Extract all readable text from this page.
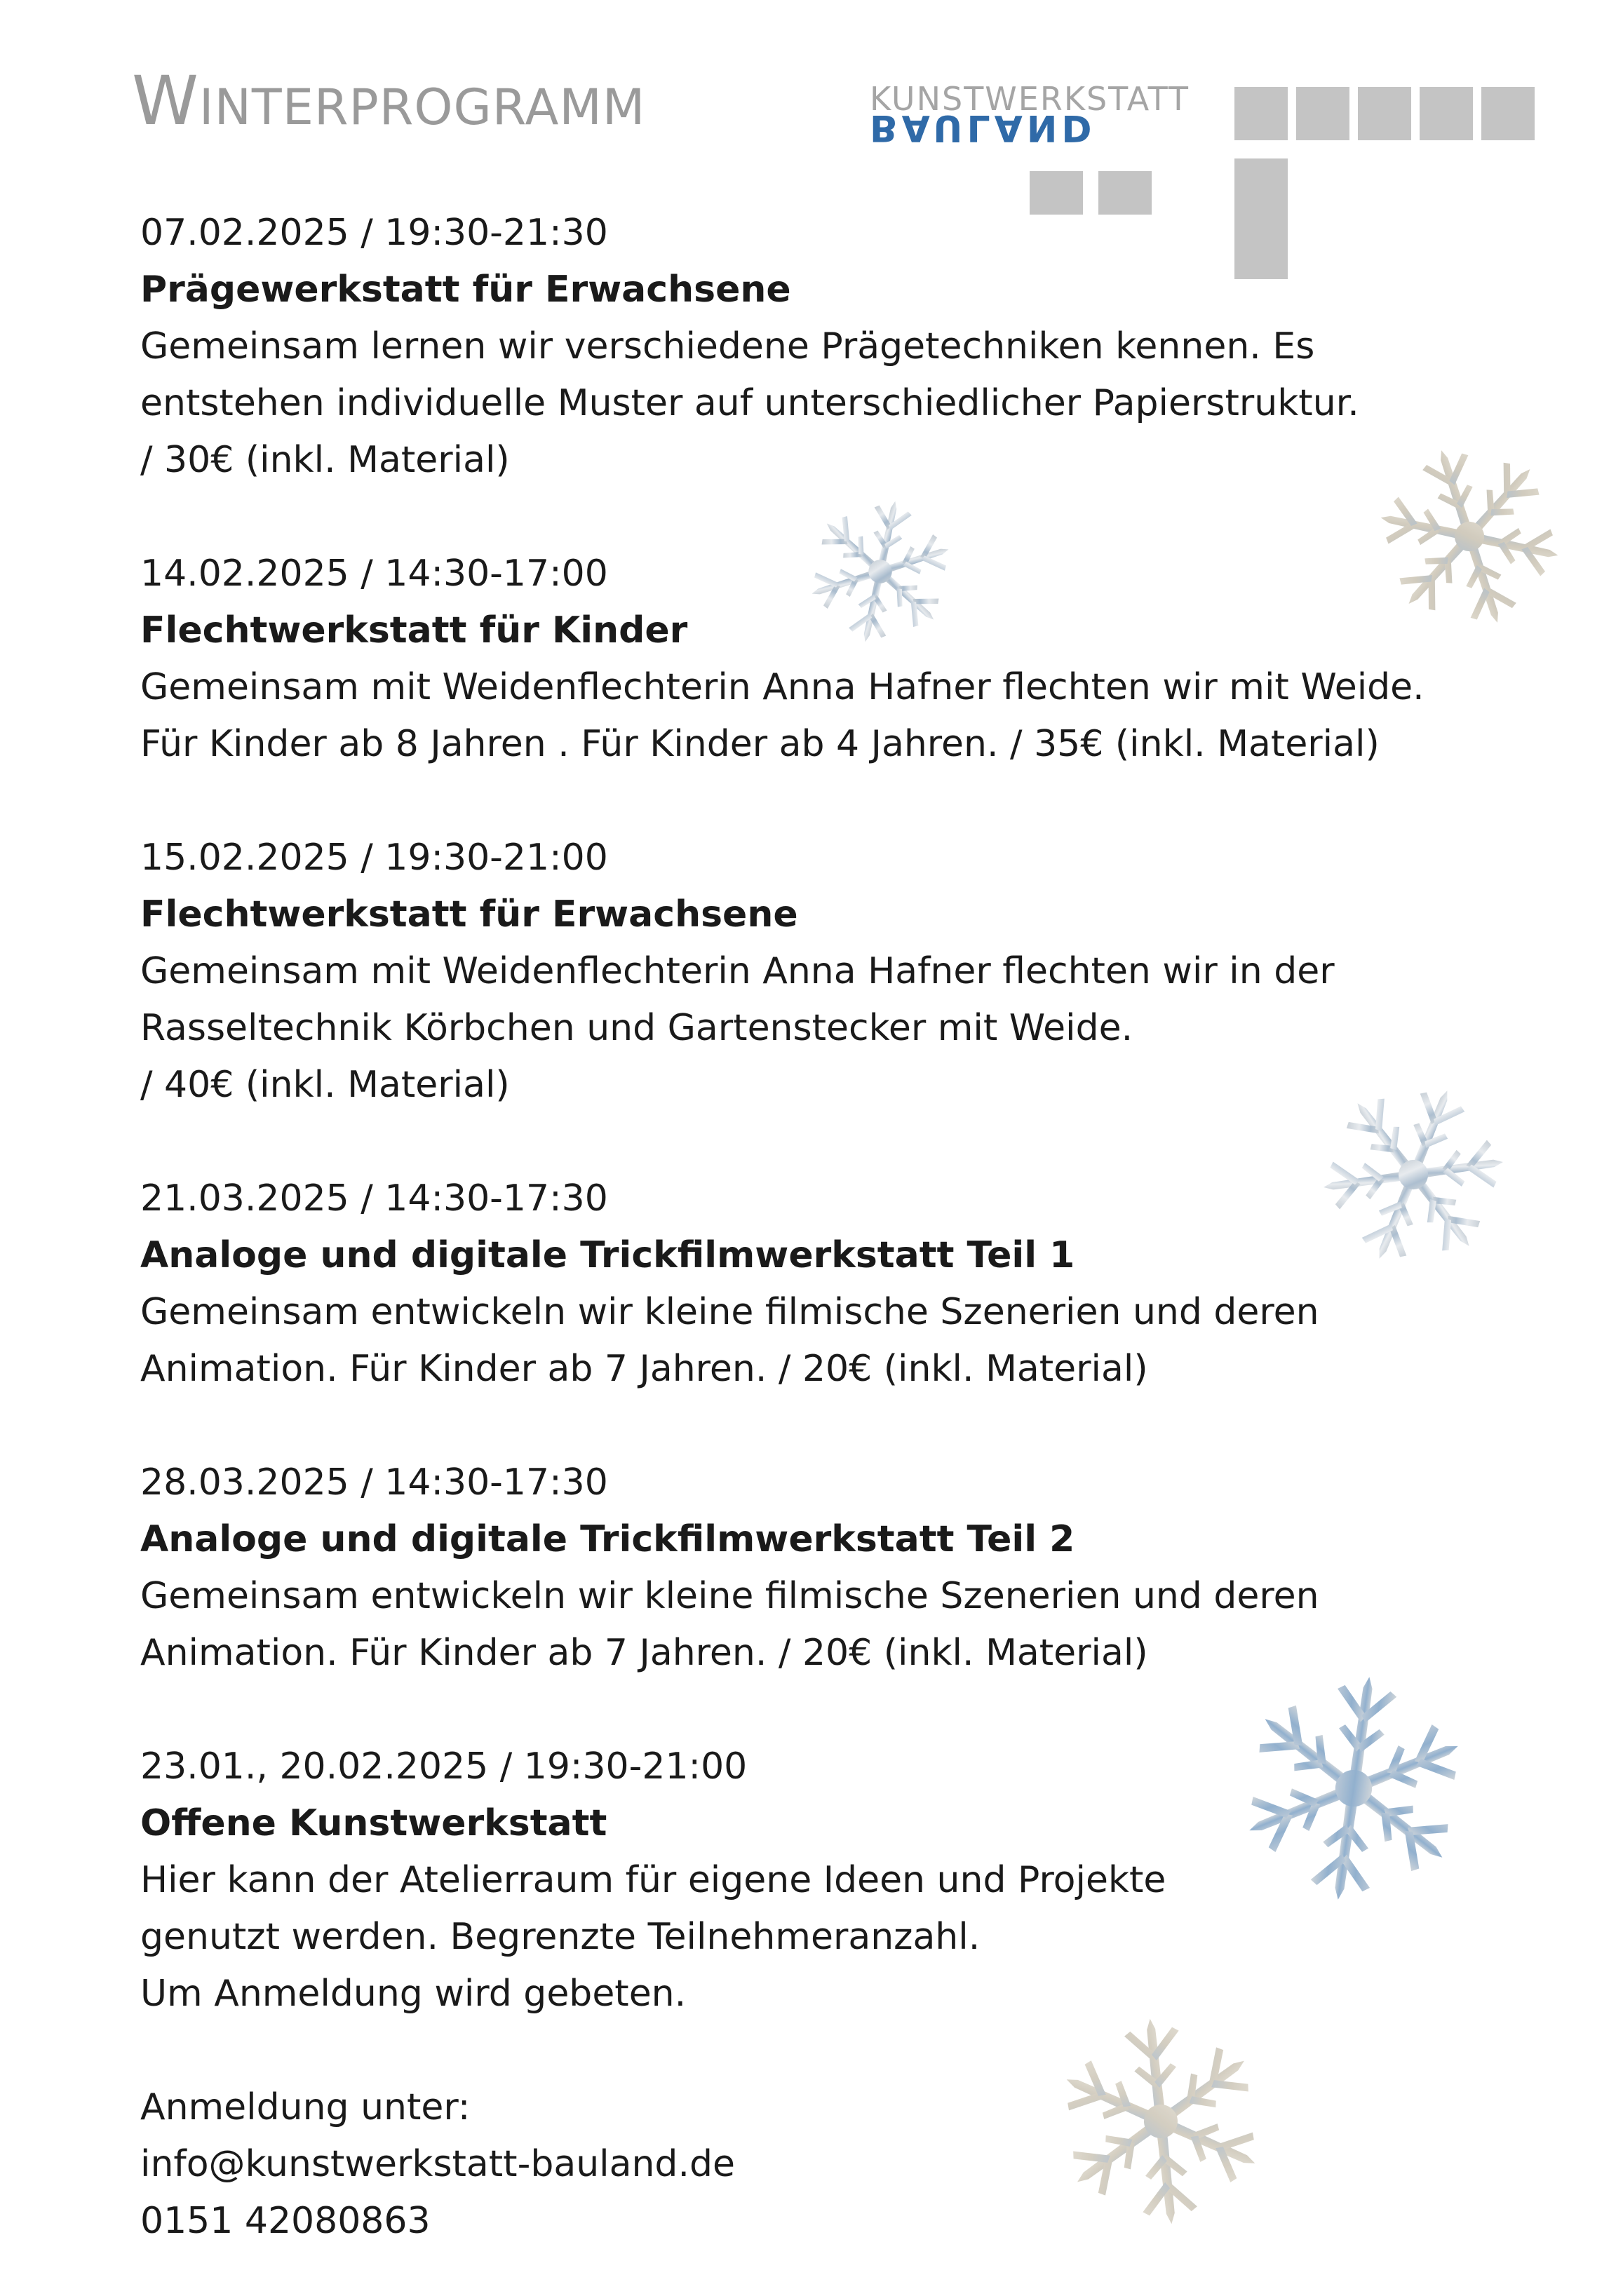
WINTERPROGRAMM	KUNSTWERKSTATT
BAULAND

07.02.2025 / 19:30-21:30

Prägewerkstatt für Erwachsene

Gemeinsam lernen wir verschiedene Prägetechniken kennen. Es

entstehen individuelle Muster auf unterschiedlicher Papierstruktur.

/ 30€ (inkl. Material)

14.02.2025 / 14:30-17:00

Flechtwerkstatt für Kinder

Gemeinsam mit Weidenflechterin Anna Hafner flechten wir mit Weide.

Für Kinder ab 8 Jahren . Für Kinder ab 4 Jahren. / 35€ (inkl. Material)

15.02.2025 / 19:30-21:00

Flechtwerkstatt für Erwachsene

Gemeinsam mit Weidenflechterin Anna Hafner flechten wir in der

Rasseltechnik Körbchen und Gartenstecker mit Weide.

/ 40€ (inkl. Material)

21.03.2025 / 14:30-17:30

Analoge und digitale Trickfilmwerkstatt Teil 1

Gemeinsam entwickeln wir kleine filmische Szenerien und deren

Animation. Für Kinder ab 7 Jahren. / 20€ (inkl. Material)

28.03.2025 / 14:30-17:30

Analoge und digitale Trickfilmwerkstatt Teil 2

Gemeinsam entwickeln wir kleine filmische Szenerien und deren

Animation. Für Kinder ab 7 Jahren. / 20€ (inkl. Material)

23.01., 20.02.2025 / 19:30-21:00

Offene Kunstwerkstatt

Hier kann der Atelierraum für eigene Ideen und Projekte

genutzt werden. Begrenzte Teilnehmeranzahl.

Um Anmeldung wird gebeten.

Anmeldung unter:

info@kunstwerkstatt-bauland.de

0151 42080863
